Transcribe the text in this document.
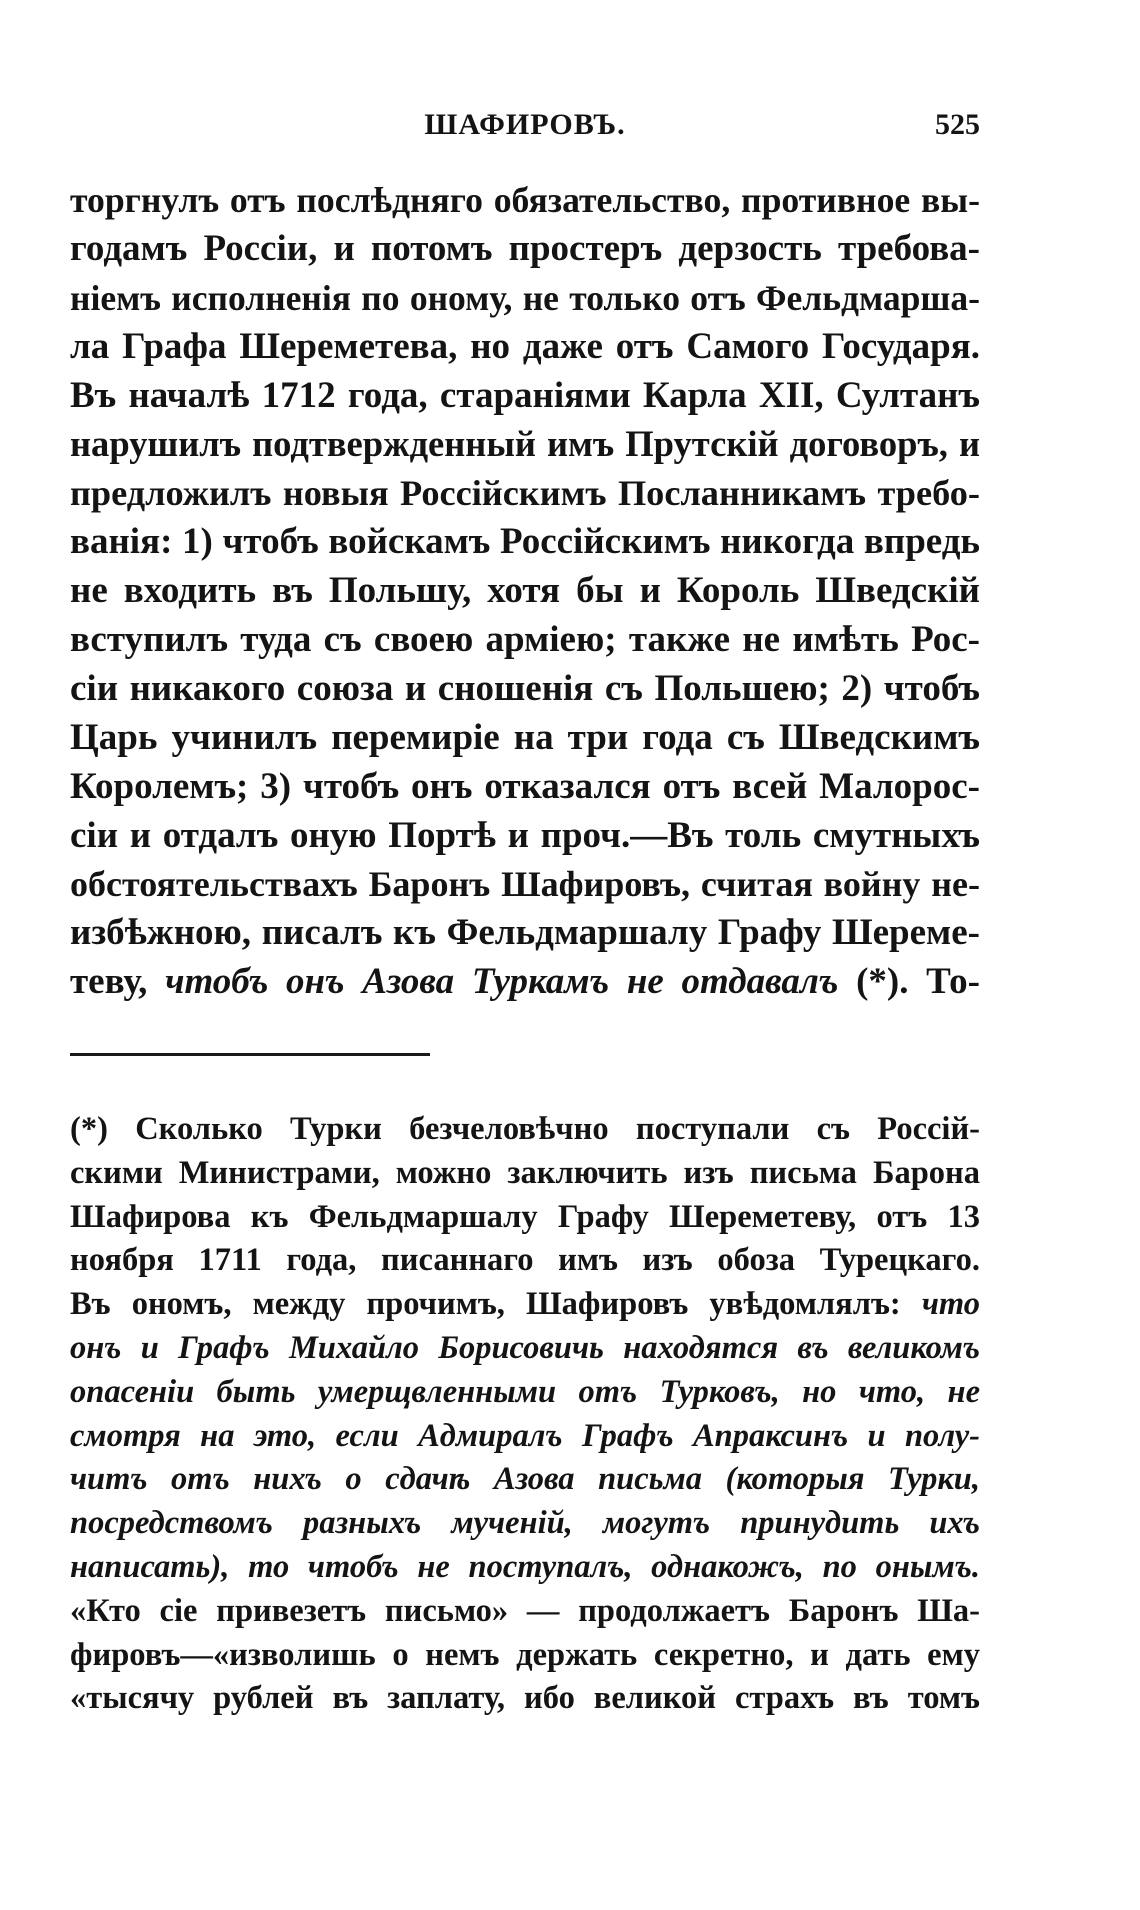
ШАФИРОВЪ.	525
торгнулъ отъ послѣдняго обязательство, противное вы-
годамъ Россіи, и потомъ простеръ дерзость требова-
ніемъ исполненія по оному, не только отъ Фельдмарша-
ла Графа Шереметева, но даже отъ Самого Государя.
Въ началѣ 1712 года, стараніями Карла XII, Султанъ
нарушилъ подтвержденный имъ Прутскій договоръ, и
предложилъ новыя Россійскимъ Посланникамъ требо-
ванія: 1) чтобъ войскамъ Россійскимъ никогда впредь
не входить въ Польшу, хотя бы и Король Шведскій
вступилъ туда съ своею арміею; также не имѣть Рос-
сіи никакого союза и сношенія съ Польшею; 2) чтобъ
Царь учинилъ перемиріе на три года съ Шведскимъ
Королемъ; 3) чтобъ онъ отказался отъ всей Малорос-
сіи и отдалъ оную Портѣ и проч.—Въ толь смутныхъ
обстоятельствахъ Баронъ Шафировъ, считая войну не-
избѣжною, писалъ къ Фельдмаршалу Графу Шереме-
теву, чтобъ онъ Азова Туркамъ не отдавалъ (*). То-
(*) Сколько Турки безчеловѣчно поступали съ Россій-
скими Министрами, можно заключить изъ письма Барона
Шафирова къ Фельдмаршалу Графу Шереметеву, отъ 13
ноября 1711 года, писаннаго имъ изъ обоза Турецкаго.
Въ ономъ, между прочимъ, Шафировъ увѣдомлялъ: что
онъ и Графъ Михайло Борисовичь находятся въ великомъ
опасеніи быть умерщвленными отъ Турковъ, но что, не
смотря на это, если Адмиралъ Графъ Апраксинъ и полу-
читъ отъ нихъ о сдачѣ Азова письма (которыя Турки,
посредствомъ разныхъ мученій, могутъ принудить ихъ
написать), то чтобъ не поступалъ, однакожъ, по онымъ.
«Кто сіе привезетъ письмо» — продолжаетъ Баронъ Ша-
фировъ—«изволишь о немъ держать секретно, и дать ему
«тысячу рублей въ заплату, ибо великой страхъ въ томъ
